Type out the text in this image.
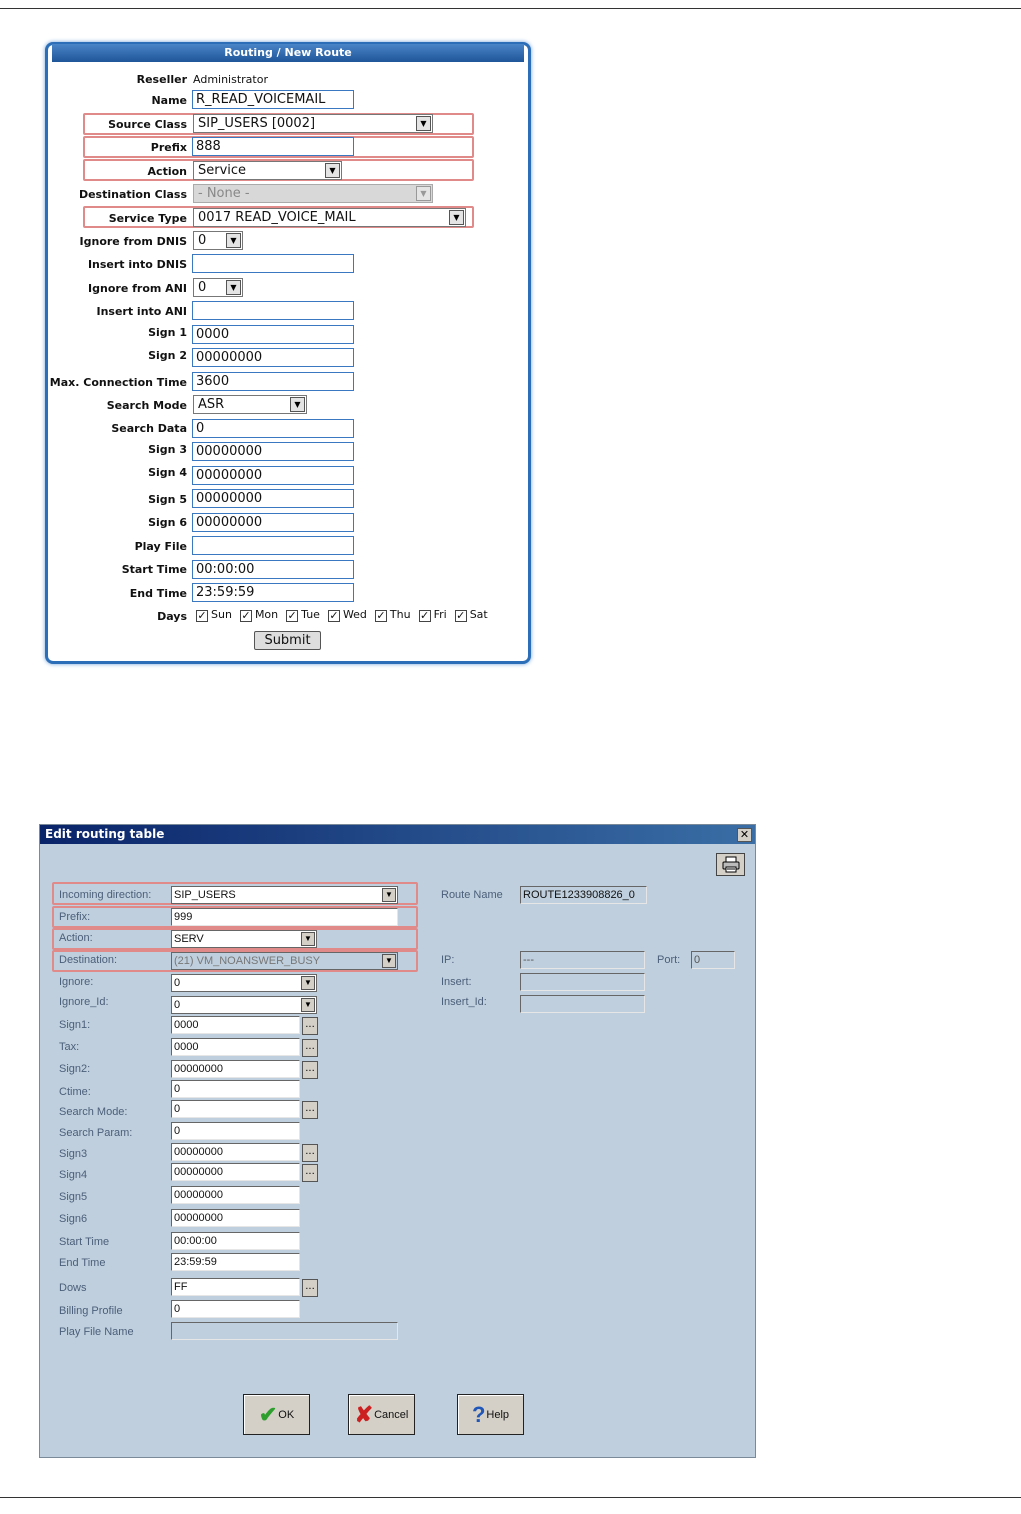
Routing / New Route
Reseller Administrator
Name R_READ_VOICEMAIL
Source Class SIP_USERS [0002]	▼
Prefix 888
Action Service	▼
Destination Class - None -	▼
Service Type 0017 READ_VOICE_MAIL	▼
Ignore from DNIS 0	▼
Insert into DNIS
Ignore from ANI 0	▼
Insert into ANI
Sign 1 0000
Sign 2 00000000
Max. Connection Time 3600
Search Mode ASR	▼
Search Data 0
Sign 3 00000000
Sign 4 00000000
Sign 5 00000000
Sign 6 00000000
Play File
Start Time 00:00:00
End Time 23:59:59
Days ✓ Sun ✓ Mon ✓ Tue ✓ Wed ✓ Thu ✓ Fri ✓ Sat
Submit
Edit routing table	✕
Incoming direction: SIP_USERS	▼
Prefix:	999
Action:	SERV	▼
Destination:	(21) VM_NOANSWER_BUSY	▼
Ignore:	0	▼
Ignore_Id:	0	▼
Sign1:	0000	...
Tax:	0000	...
Sign2:	00000000	...
Ctime:	0
Search Mode:	0	...
Search Param:	0
Sign3	00000000	...
Sign4	00000000	...
Sign5	00000000
Sign6	00000000
Start Time	00:00:00
End Time	23:59:59
Dows	FF	...
Billing Profile	0
Play File Name
Route Name ROUTE1233908826_0
IP:	---	Port: 0
Insert:
Insert_Id:
✔ OK	✘ Cancel	? Help
